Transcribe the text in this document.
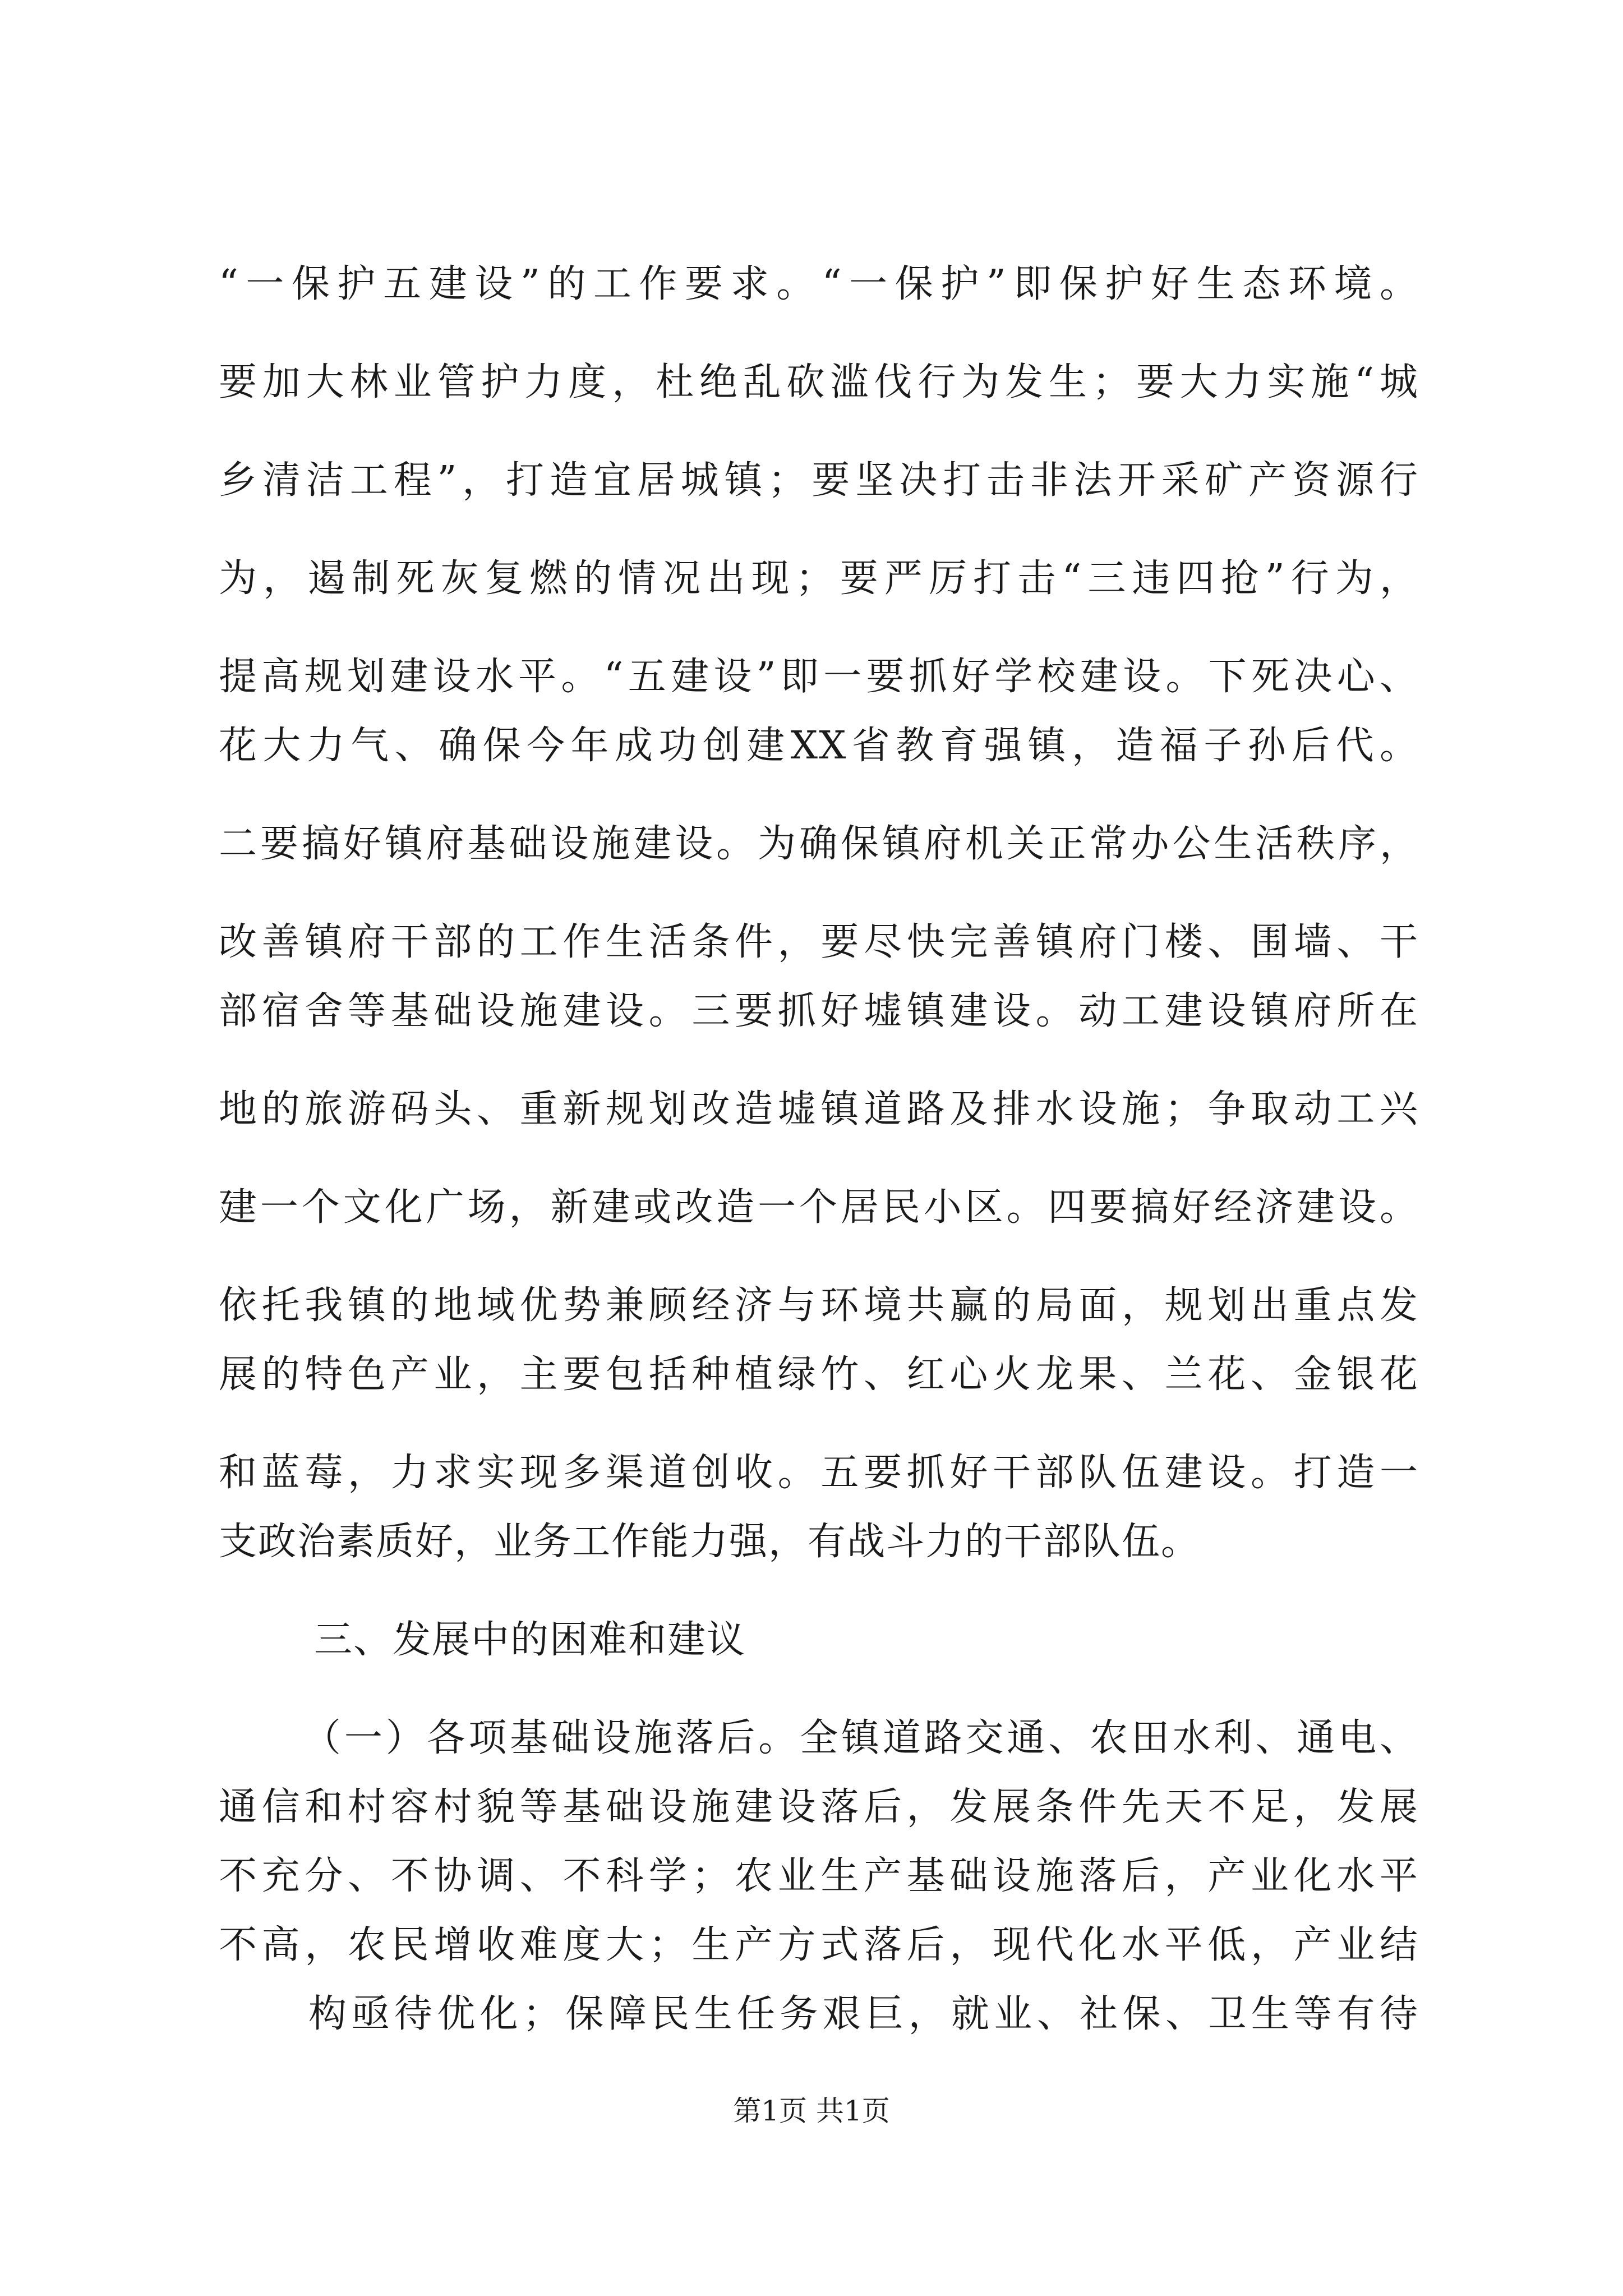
“一保护五建设”的工作要求。“一保护”即保护好生态环境。
要加大林业管护力度，杜绝乱砍滥伐行为发生；要大力实施“城
乡清洁工程”，打造宜居城镇；要坚决打击非法开采矿产资源行
为，遏制死灰复燃的情况出现；要严厉打击“三违四抢”行为，
提高规划建设水平。“五建设”即一要抓好学校建设。下死决心、
花大力气、确保今年成功创建XX省教育强镇，造福子孙后代。
二要搞好镇府基础设施建设。为确保镇府机关正常办公生活秩序，
改善镇府干部的工作生活条件，要尽快完善镇府门楼、围墙、干
部宿舍等基础设施建设。三要抓好墟镇建设。动工建设镇府所在
地的旅游码头、重新规划改造墟镇道路及排水设施；争取动工兴
建一个文化广场，新建或改造一个居民小区。四要搞好经济建设。
依托我镇的地域优势兼顾经济与环境共赢的局面，规划出重点发
展的特色产业，主要包括种植绿竹、红心火龙果、兰花、金银花
和蓝莓，力求实现多渠道创收。五要抓好干部队伍建设。打造一
支政治素质好，业务工作能力强，有战斗力的干部队伍。
三、发展中的困难和建议
（一）各项基础设施落后。全镇道路交通、农田水利、通电、
通信和村容村貌等基础设施建设落后，发展条件先天不足，发展
不充分、不协调、不科学；农业生产基础设施落后，产业化水平
不高，农民增收难度大；生产方式落后，现代化水平低，产业结
构亟待优化；保障民生任务艰巨，就业、社保、卫生等有待
第1页 共1页
